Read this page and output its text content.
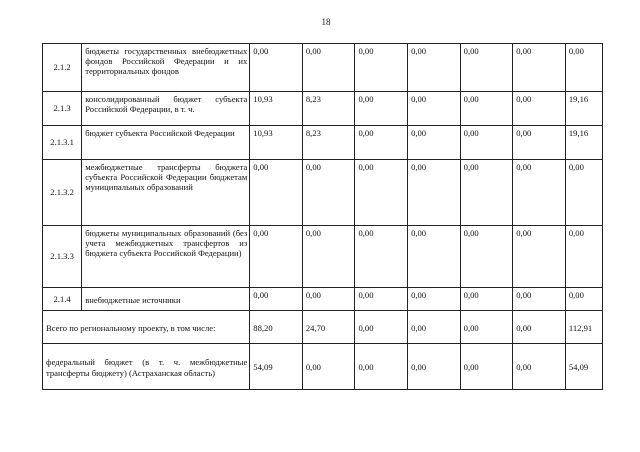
18
2.1.2	бюджеты государственных внебюджетных фондов Российской Федерации и их территориальных фондов	0,00	0,00	0,00	0,00	0,00	0,00	0,00
2.1.3	консолидированный бюджет субъекта Российской Федерации, в т. ч.	10,93	8,23	0,00	0,00	0,00	0,00	19,16
2.1.3.1	бюджет субъекта Российской Федерации	10,93	8,23	0,00	0,00	0,00	0,00	19,16
2.1.3.2	межбюджетные трансферты бюджета субъекта Российской Федерации бюджетам муниципальных образований	0,00	0,00	0,00	0,00	0,00	0,00	0,00
2.1.3.3	бюджеты муниципальных образований (без учета межбюджетных трансфертов из бюджета субъекта Российской Федерации)	0,00	0,00	0,00	0,00	0,00	0,00	0,00
2.1.4	внебюджетные источники	0,00	0,00	0,00	0,00	0,00	0,00	0,00
Всего по региональному проекту, в том числе:		88,20	24,70	0,00	0,00	0,00	0,00	112,91
федеральный бюджет (в т. ч. межбюджетные трансферты бюджету) (Астраханская область)		54,09	0,00	0,00	0,00	0,00	0,00	54,09
